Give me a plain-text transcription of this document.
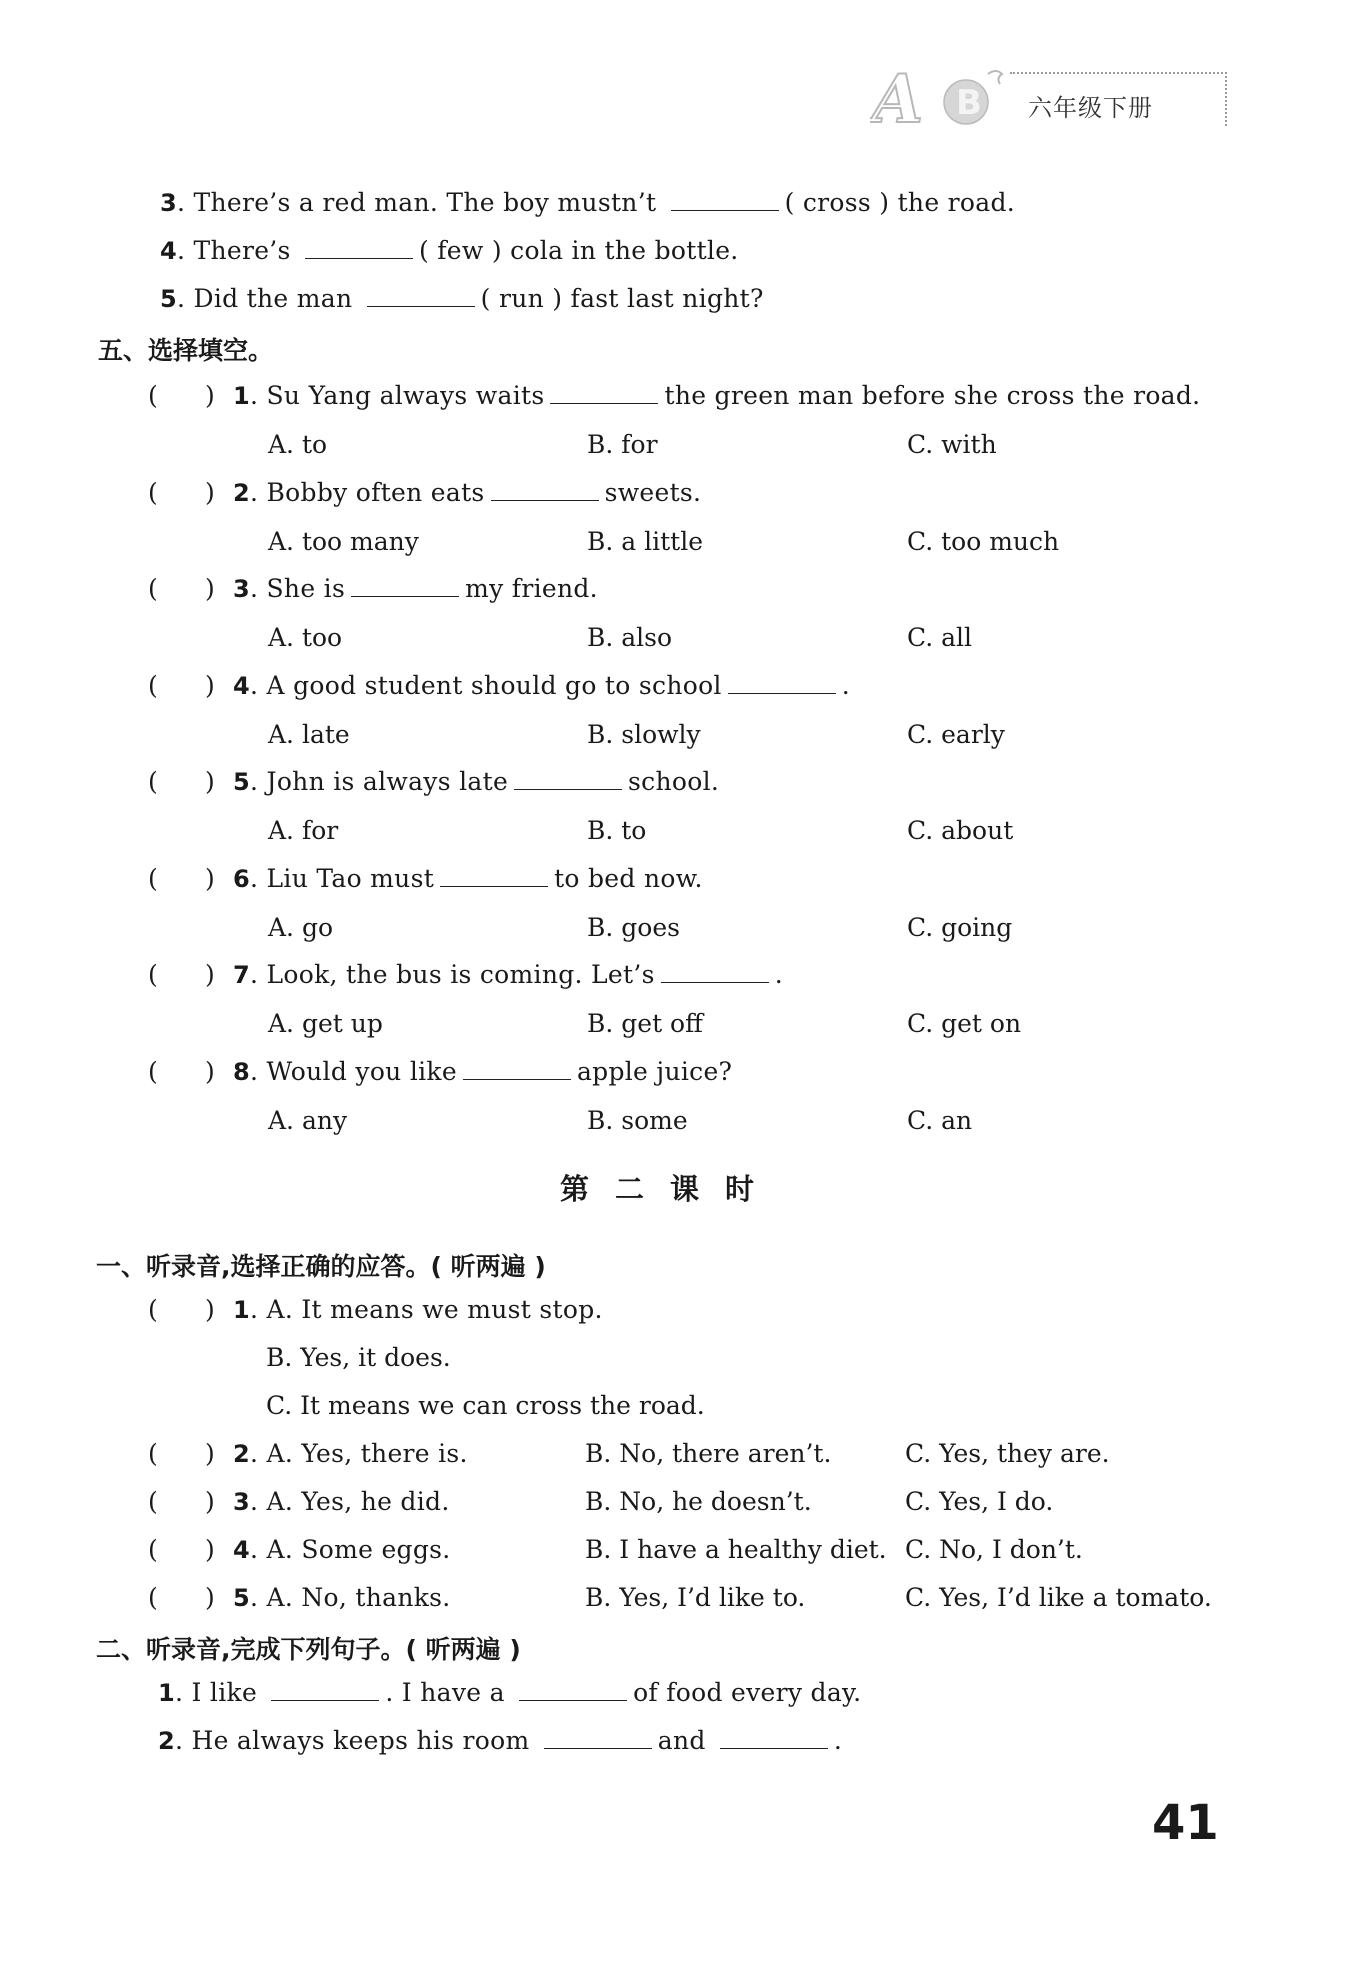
A B 六年级下册
3. There’s a red man. The boy mustn’t	( cross ) the road.
4. There’s	( few ) cola in the bottle.
5. Did the man	( run ) fast last night?
五、选择填空。
( ) 1. Su Yang always waits	the green man before she cross the road.
A. to	B. for	C. with
( ) 2. Bobby often eats	sweets.
A. too many	B. a little	C. too much
( ) 3. She is	my friend.
A. too	B. also	C. all
( ) 4. A good student should go to school	.
A. late	B. slowly	C. early
( ) 5. John is always late	school.
A. for	B. to	C. about
( ) 6. Liu Tao must	to bed now.
A. go	B. goes	C. going
( ) 7. Look, the bus is coming. Let’s	.
A. get up	B. get off	C. get on
( ) 8. Would you like	apple juice?
A. any	B. some	C. an
第二课时
一、听录音,选择正确的应答。( 听两遍 )
( ) 1. A. It means we must stop.
B. Yes, it does.
C. It means we can cross the road.
( ) 2. A. Yes, there is.	B. No, there aren’t.	C. Yes, they are.
( ) 3. A. Yes, he did.	B. No, he doesn’t.	C. Yes, I do.
( ) 4. A. Some eggs.	B. I have a healthy diet. C. No, I don’t.
( ) 5. A. No, thanks.	B. Yes, I’d like to.	C. Yes, I’d like a tomato.
二、听录音,完成下列句子。( 听两遍 )
1. I like	. I have a	of food every day.
2. He always keeps his room	and	.
41
